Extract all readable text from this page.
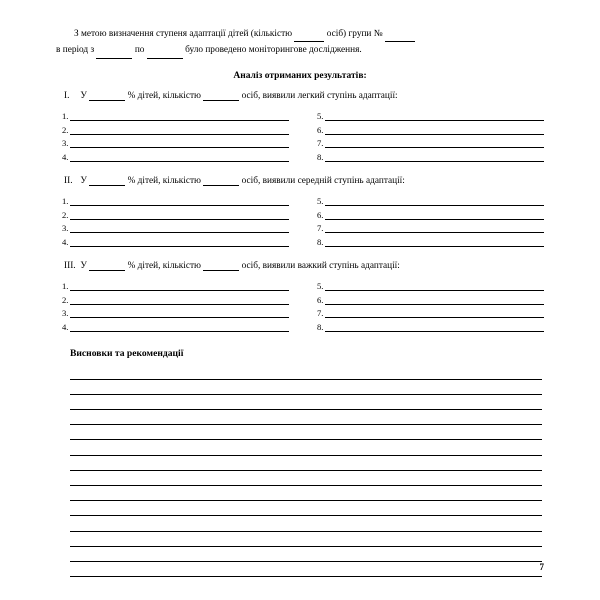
З метою визначення ступеня адаптації дітей (кількістю	осіб) групи №
в період з	по	було проведено моніторингове дослідження.
Аналіз отриманих результатів:
I. У	% дітей, кількістю	осіб, виявили легкий ступінь адаптації:
1.
2.
3.
4.
5.
6.
7.
8.
II. У	% дітей, кількістю	осіб, виявили середній ступінь адаптації:
1.
2.
3.
4.
5.
6.
7.
8.
III. У	% дітей, кількістю	осіб, виявили важкий ступінь адаптації:
1.
2.
3.
4.
5.
6.
7.
8.
Висновки та рекомендації
7
